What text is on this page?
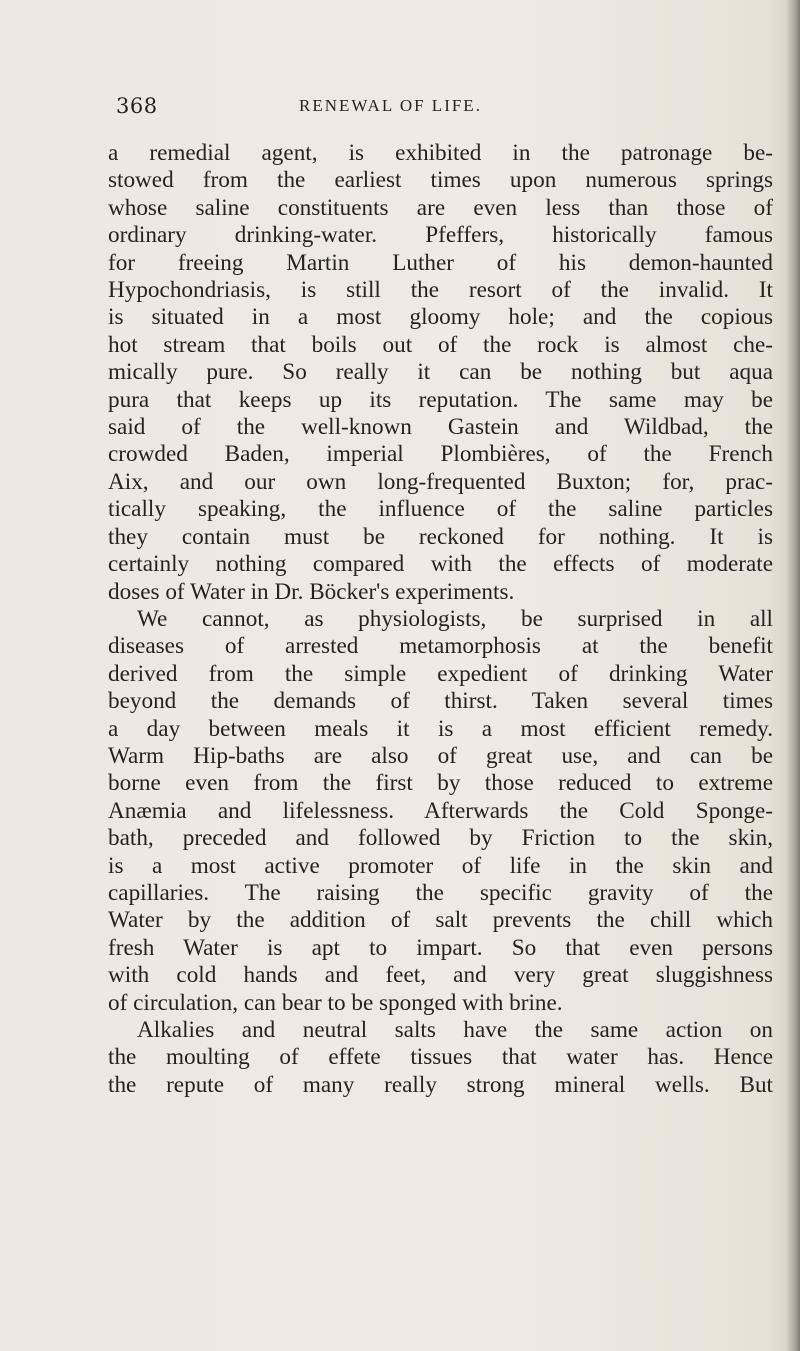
368	RENEWAL OF LIFE.
a remedial agent, is exhibited in the patronage be-
stowed from the earliest times upon numerous springs
whose saline constituents are even less than those of
ordinary drinking-water. Pfeffers, historically famous
for freeing Martin Luther of his demon-haunted
Hypochondriasis, is still the resort of the invalid. It
is situated in a most gloomy hole; and the copious
hot stream that boils out of the rock is almost che-
mically pure. So really it can be nothing but aqua
pura that keeps up its reputation. The same may be
said of the well-known Gastein and Wildbad, the
crowded Baden, imperial Plombières, of the French
Aix, and our own long-frequented Buxton; for, prac-
tically speaking, the influence of the saline particles
they contain must be reckoned for nothing. It is
certainly nothing compared with the effects of moderate
doses of Water in Dr. Böcker's experiments.
We cannot, as physiologists, be surprised in all
diseases of arrested metamorphosis at the benefit
derived from the simple expedient of drinking Water
beyond the demands of thirst. Taken several times
a day between meals it is a most efficient remedy.
Warm Hip-baths are also of great use, and can be
borne even from the first by those reduced to extreme
Anæmia and lifelessness. Afterwards the Cold Sponge-
bath, preceded and followed by Friction to the skin,
is a most active promoter of life in the skin and
capillaries. The raising the specific gravity of the
Water by the addition of salt prevents the chill which
fresh Water is apt to impart. So that even persons
with cold hands and feet, and very great sluggishness
of circulation, can bear to be sponged with brine.
Alkalies and neutral salts have the same action on
the moulting of effete tissues that water has. Hence
the repute of many really strong mineral wells. But
